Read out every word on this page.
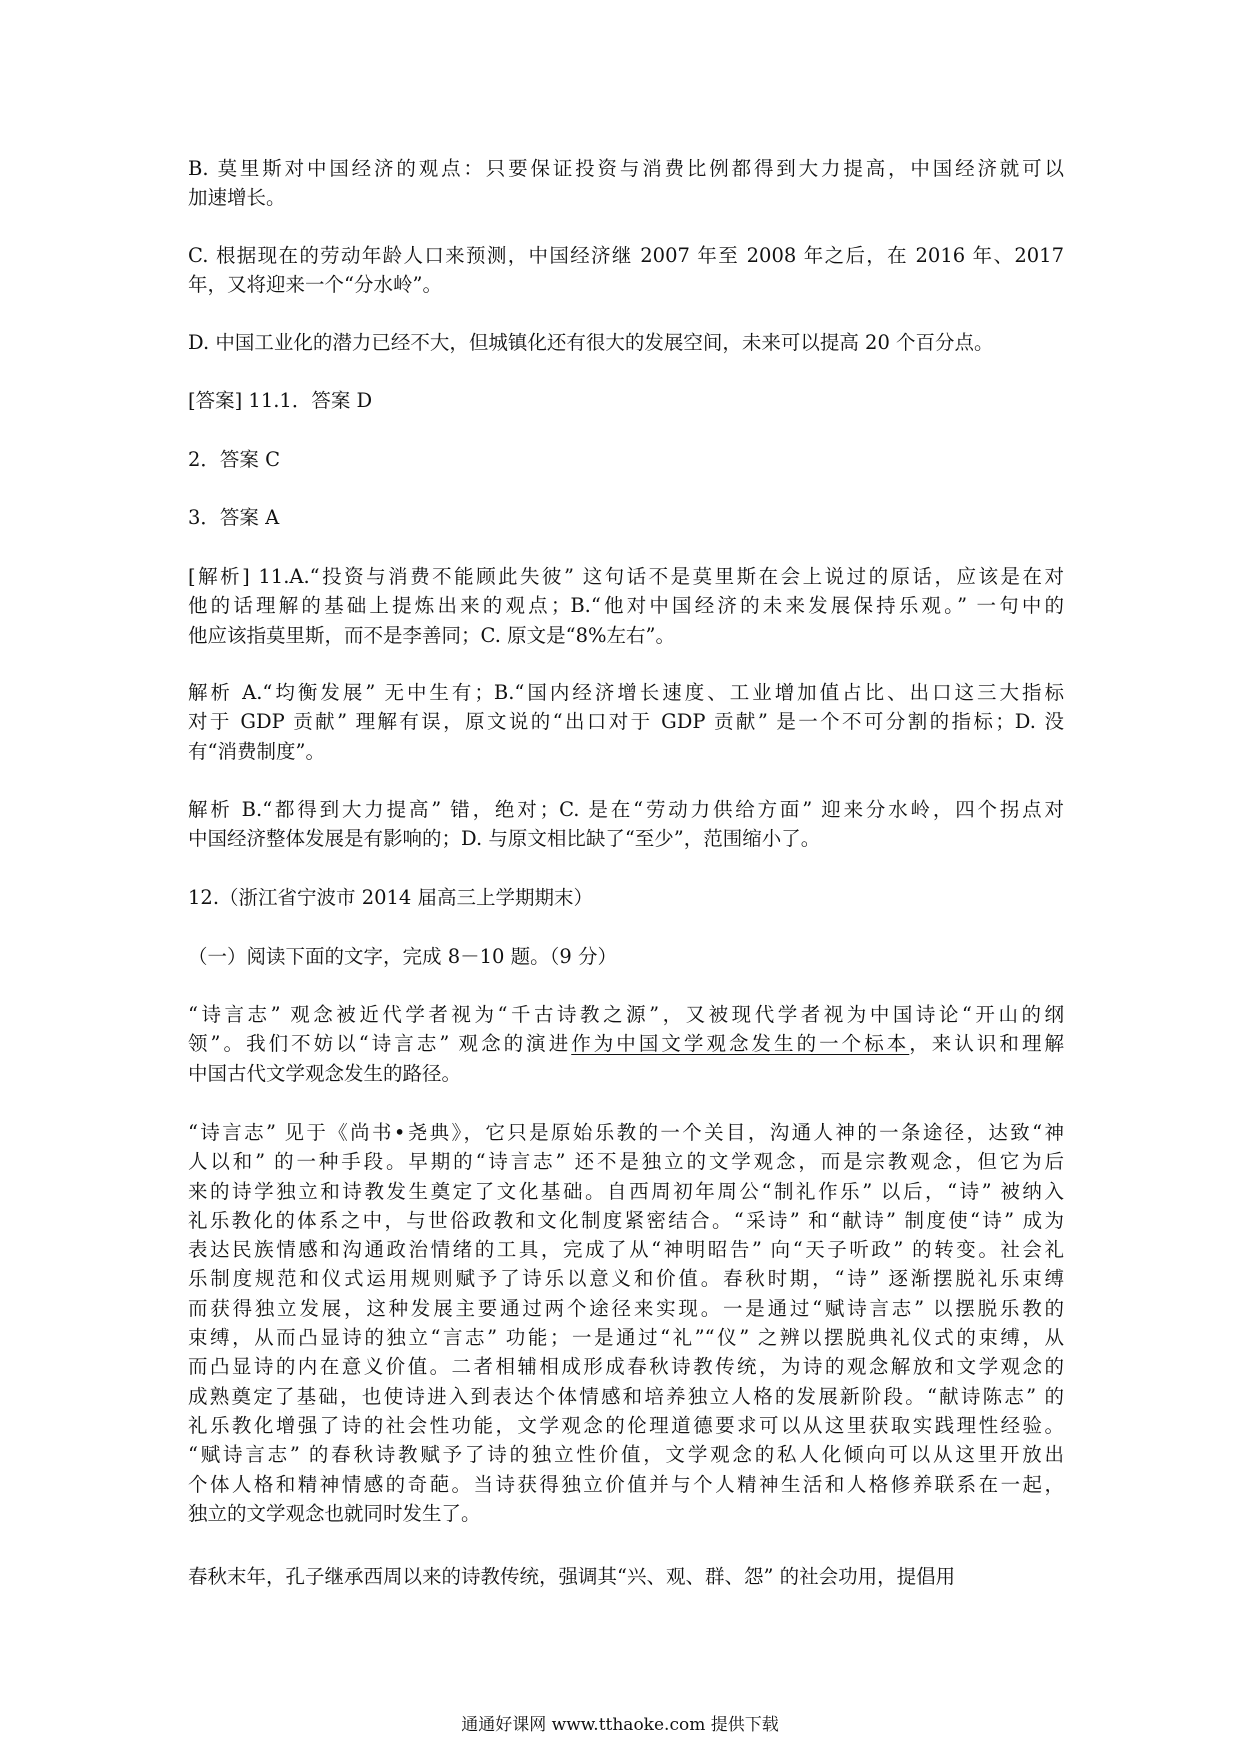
B. 莫里斯对中国经济的观点：只要保证投资与消费比例都得到大力提高，中国经济就可以
加速增长。
C. 根据现在的劳动年龄人口来预测，中国经济继 2007 年至 2008 年之后，在 2016 年、2017
年，又将迎来一个“分水岭”。
D. 中国工业化的潜力已经不大，但城镇化还有很大的发展空间，未来可以提高 20 个百分点。
[答案] 11.1．答案 D
2．答案 C
3．答案 A
[解析] 11.A.“投资与消费不能顾此失彼” 这句话不是莫里斯在会上说过的原话，应该是在对
他的话理解的基础上提炼出来的观点；B.“他对中国经济的未来发展保持乐观。” 一句中的
他应该指莫里斯，而不是李善同；C. 原文是“8%左右”。
解析 A.“均衡发展” 无中生有；B.“国内经济增长速度、工业增加值占比、出口这三大指标
对于 GDP 贡献” 理解有误，原文说的“出口对于 GDP 贡献” 是一个不可分割的指标；D. 没
有“消费制度”。
解析 B.“都得到大力提高” 错，绝对；C. 是在“劳动力供给方面” 迎来分水岭，四个拐点对
中国经济整体发展是有影响的；D. 与原文相比缺了“至少”，范围缩小了。
12.（浙江省宁波市 2014 届高三上学期期末）
（一）阅读下面的文字，完成 8－10 题。（9 分）
“诗言志” 观念被近代学者视为“千古诗教之源”，又被现代学者视为中国诗论“开山的纲
领”。我们不妨以“诗言志” 观念的演进作为中国文学观念发生的一个标本，来认识和理解
中国古代文学观念发生的路径。
“诗言志” 见于《尚书•尧典》，它只是原始乐教的一个关目，沟通人神的一条途径，达致“神
人以和” 的一种手段。早期的“诗言志” 还不是独立的文学观念，而是宗教观念，但它为后
来的诗学独立和诗教发生奠定了文化基础。自西周初年周公“制礼作乐” 以后，“诗” 被纳入
礼乐教化的体系之中，与世俗政教和文化制度紧密结合。“采诗” 和“献诗” 制度使“诗” 成为
表达民族情感和沟通政治情绪的工具，完成了从“神明昭告” 向“天子听政” 的转变。社会礼
乐制度规范和仪式运用规则赋予了诗乐以意义和价值。春秋时期，“诗” 逐渐摆脱礼乐束缚
而获得独立发展，这种发展主要通过两个途径来实现。一是通过“赋诗言志” 以摆脱乐教的
束缚，从而凸显诗的独立“言志” 功能；一是通过“礼”“仪” 之辨以摆脱典礼仪式的束缚，从
而凸显诗的内在意义价值。二者相辅相成形成春秋诗教传统，为诗的观念解放和文学观念的
成熟奠定了基础，也使诗进入到表达个体情感和培养独立人格的发展新阶段。“献诗陈志” 的
礼乐教化增强了诗的社会性功能，文学观念的伦理道德要求可以从这里获取实践理性经验。
“赋诗言志” 的春秋诗教赋予了诗的独立性价值，文学观念的私人化倾向可以从这里开放出
个体人格和精神情感的奇葩。当诗获得独立价值并与个人精神生活和人格修养联系在一起，
独立的文学观念也就同时发生了。
春秋末年，孔子继承西周以来的诗教传统，强调其“兴、观、群、怨” 的社会功用，提倡用
通通好课网 www.tthaoke.com 提供下载
